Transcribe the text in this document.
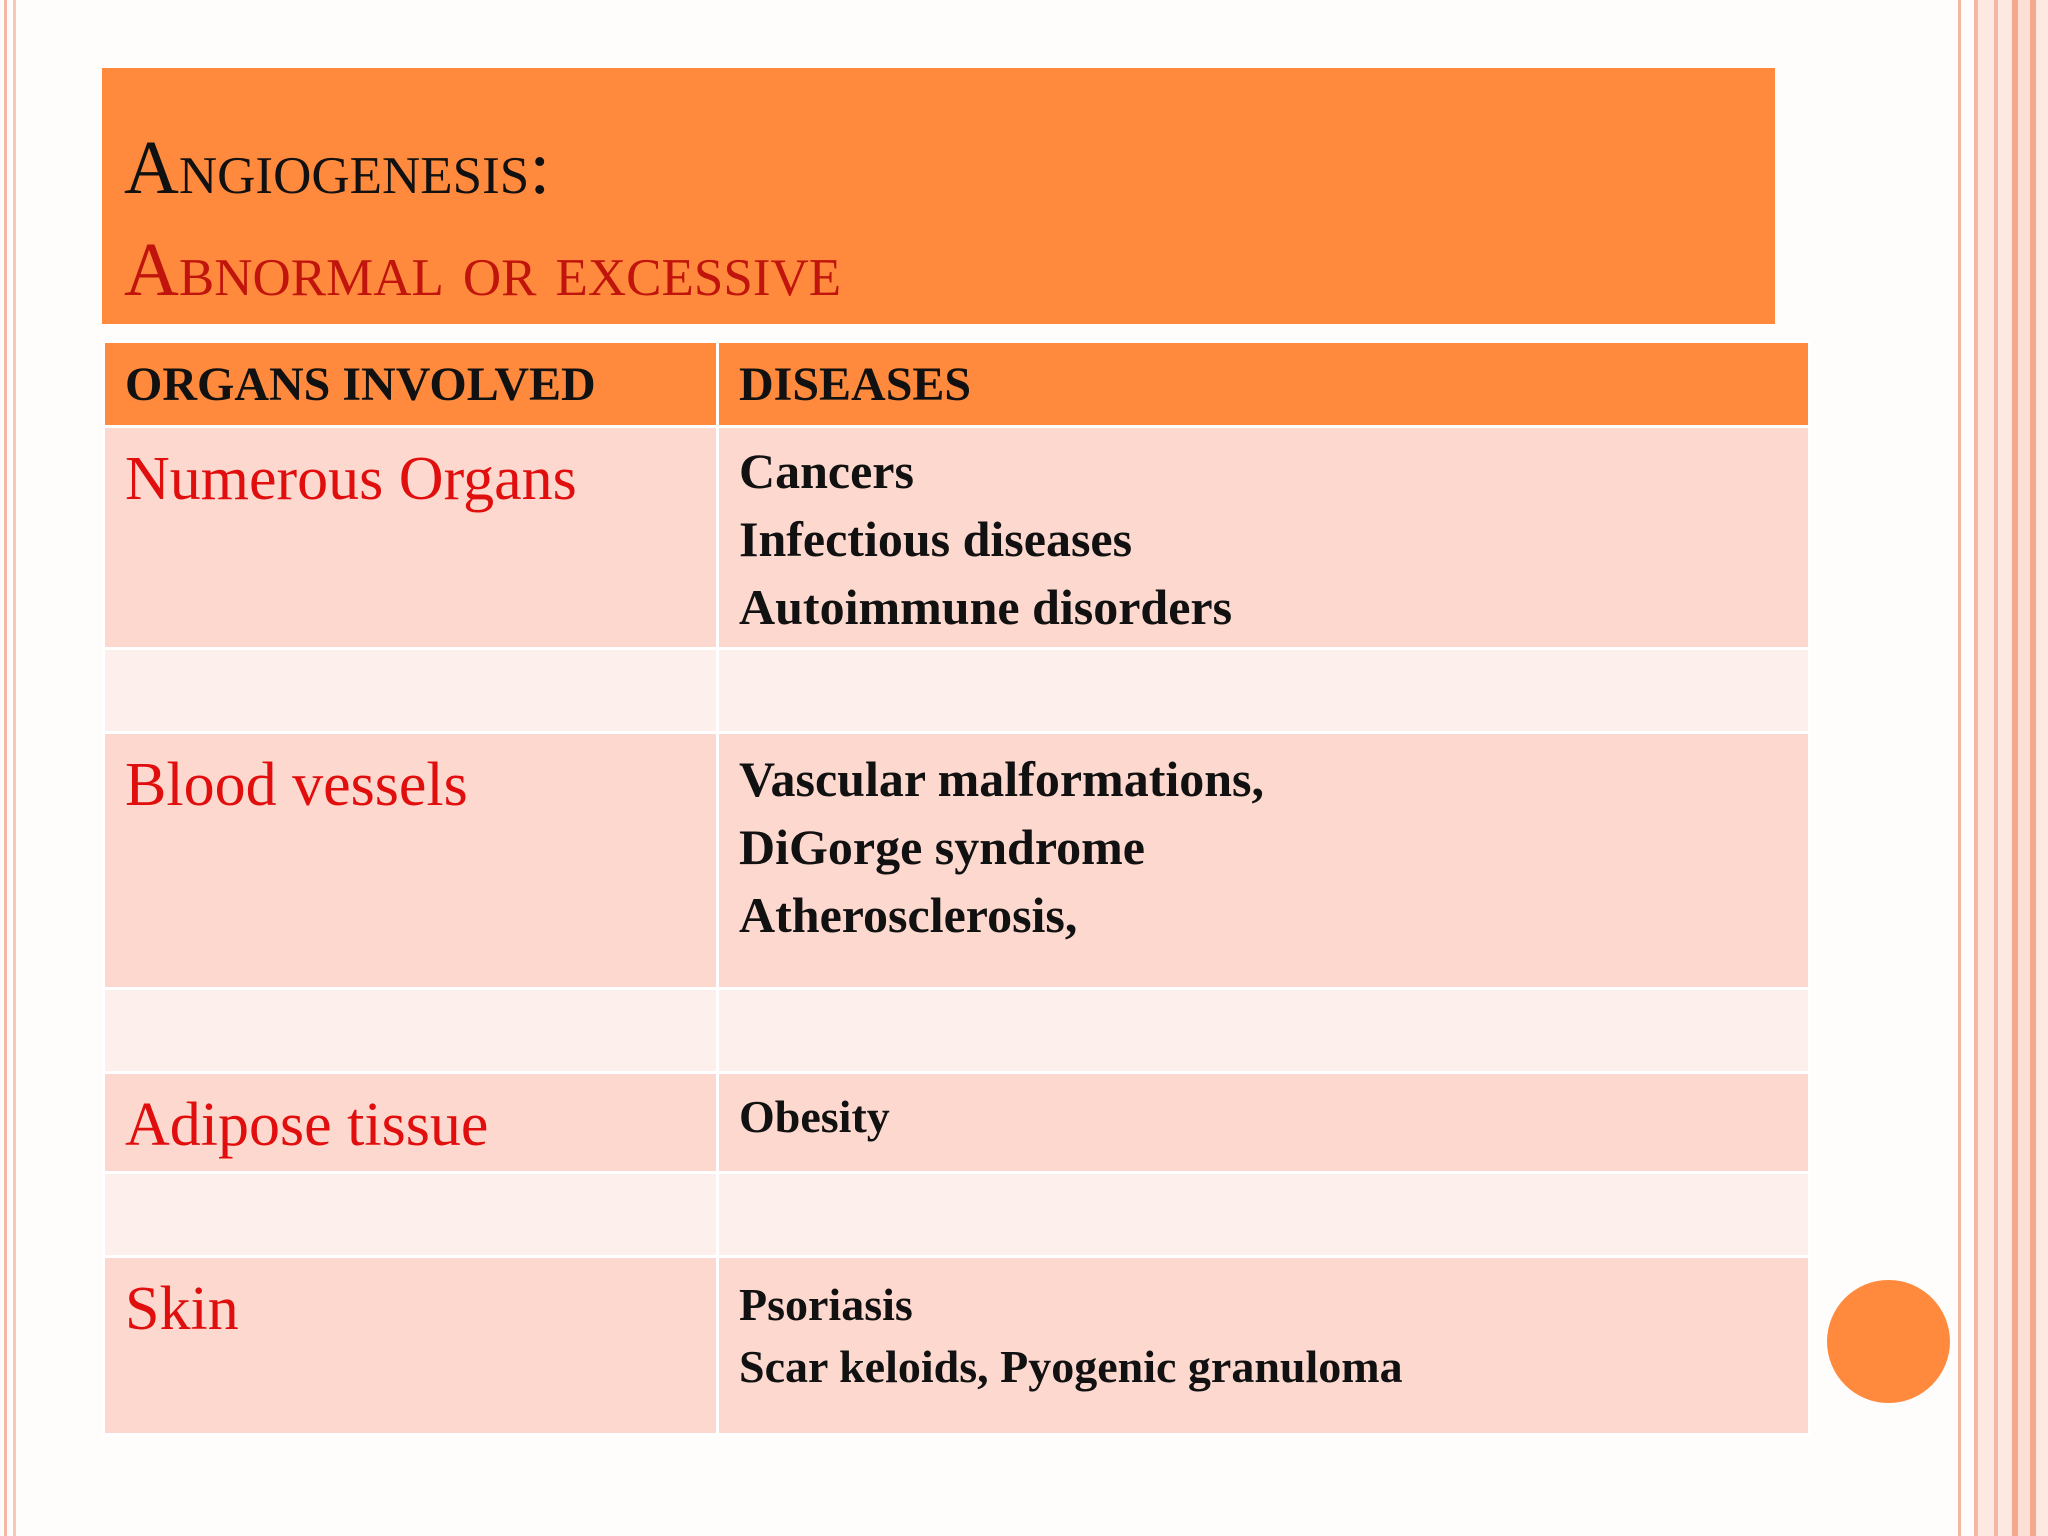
Angiogenesis:
Abnormal or excessive
ORGANS INVOLVED	DISEASES

Numerous Organs	Cancers
Infectious diseases
Autoimmune disorders

Blood vessels	Vascular malformations,
DiGorge syndrome
Atherosclerosis,

Adipose tissue	Obesity

Skin	Psoriasis
Scar keloids, Pyogenic granuloma
